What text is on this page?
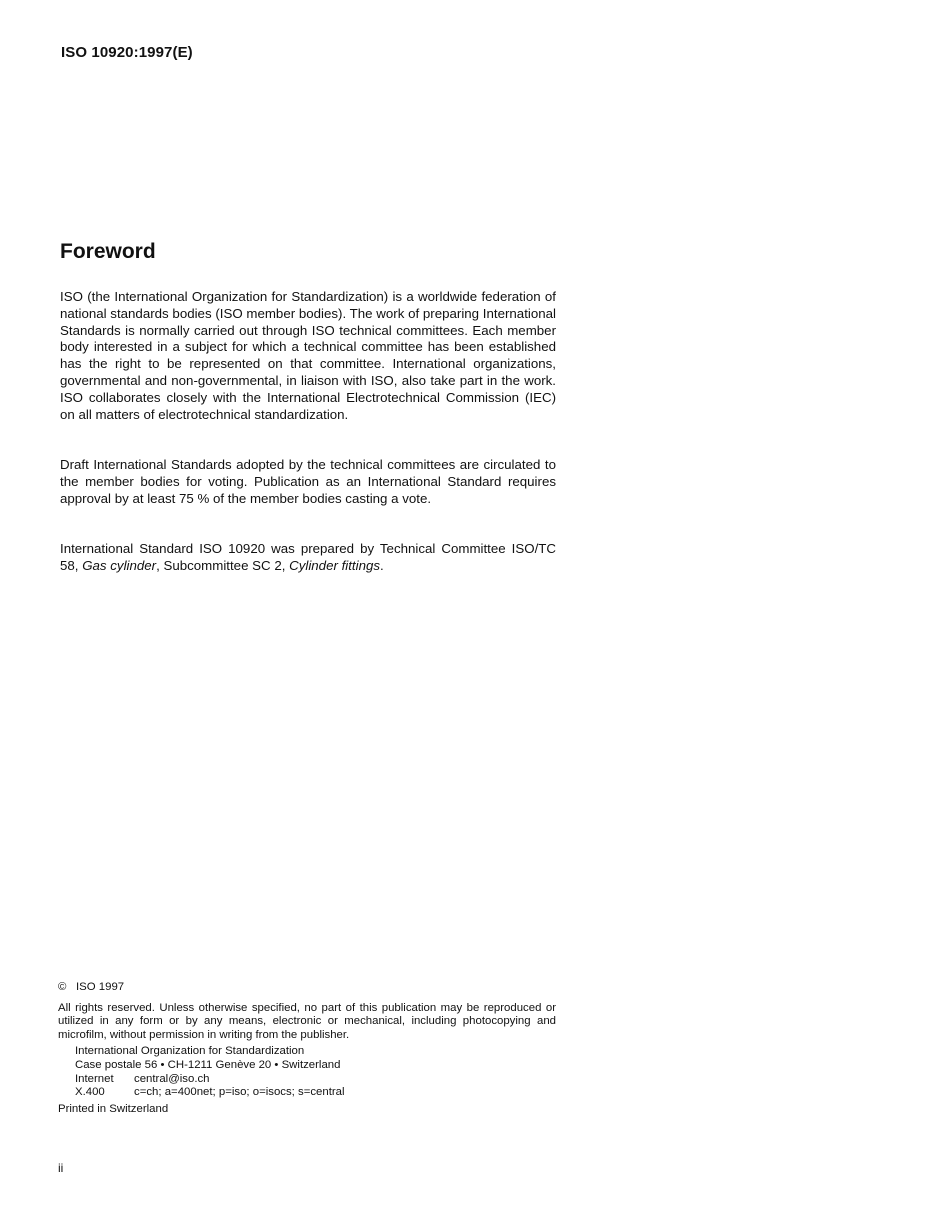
ISO 10920:1997(E)
Foreword

ISO (the International Organization for Standardization) is a worldwide federation of national standards bodies (ISO member bodies). The work of preparing International Standards is normally carried out through ISO technical committees. Each member body interested in a subject for which a technical committee has been established has the right to be represented on that committee. International organizations, governmental and non-governmental, in liaison with ISO, also take part in the work. ISO collaborates closely with the International Electrotechnical Commission (IEC) on all matters of electrotechnical standardization.

Draft International Standards adopted by the technical committees are circulated to the member bodies for voting. Publication as an International Standard requires approval by at least 75 % of the member bodies casting a vote.

International Standard ISO 10920 was prepared by Technical Committee ISO/TC 58, Gas cylinder, Subcommittee SC 2, Cylinder fittings.

© ISO 1997

All rights reserved. Unless otherwise specified, no part of this publication may be reproduced or utilized in any form or by any means, electronic or mechanical, including photocopying and microfilm, without permission in writing from the publisher.

International Organization for Standardization
Case postale 56 • CH-1211 Genève 20 • Switzerland
Internet	central@iso.ch
X.400	c=ch; a=400net; p=iso; o=isocs; s=central
Printed in Switzerland
ii
